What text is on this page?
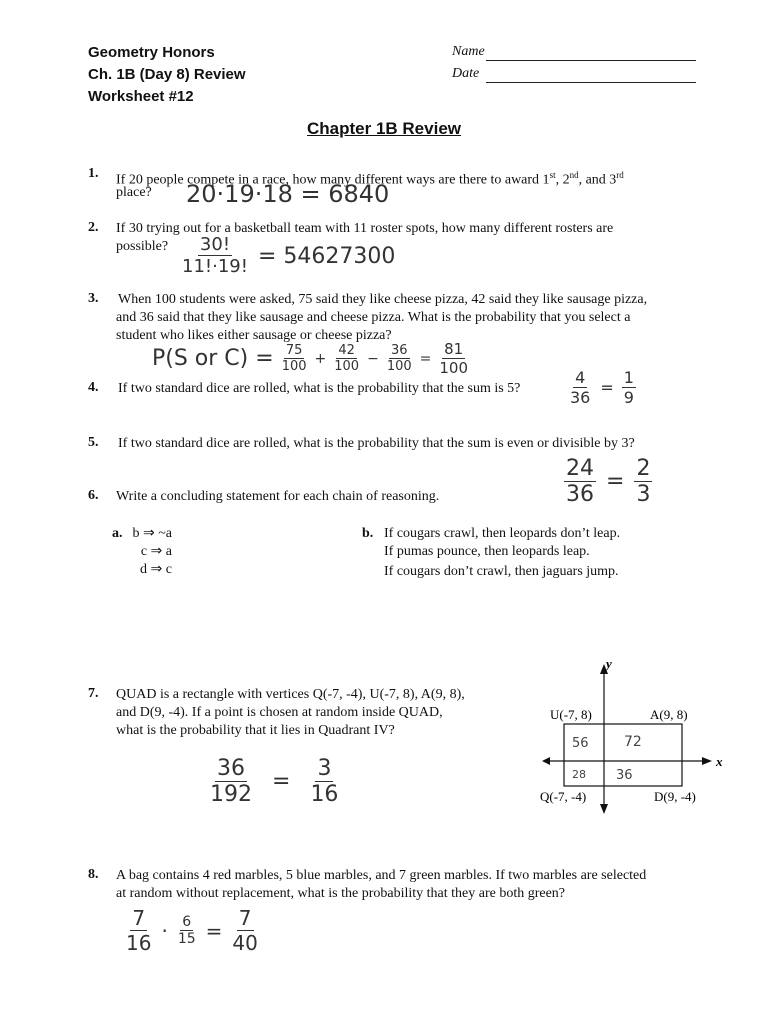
Geometry Honors
Ch. 1B (Day 8) Review
Worksheet #12
Name
Date
Chapter 1B Review
1. If 20 people compete in a race, how many different ways are there to award 1st, 2nd, and 3rd
place? 20·19·18 = 6840
2. If 30 trying out for a basketball team with 11 roster spots, how many different rosters are
possible? $\frac{30!}{11!\cdot 19!} = 54627300$
3. When 100 students were asked, 75 said they like cheese pizza, 42 said they like sausage pizza,
and 36 said that they like sausage and cheese pizza. What is the probability that you select a
student who likes either sausage or cheese pizza?
P(S or $C) = \frac{75}{100} + \frac{42}{100} - \frac{36}{100} = \frac{81}{100}$
4. If two standard dice are rolled, what is the probability that the sum is 5?	$\frac{4}{36} = \frac{1}{9}$
5. If two standard dice are rolled, what is the probability that the sum is even or divisible by 3?
$\frac{24}{36} = \frac{2}{3}$
6. Write a concluding statement for each chain of reasoning.
a. b ⇒ ~a
c ⇒ a
d ⇒ c
b. If cougars crawl, then leopards don’t leap.
If pumas pounce, then leopards leap.
If cougars don’t crawl, then jaguars jump.
7. QUAD is a rectangle with vertices Q(-7, -4), U(-7, 8), A(9, 8),
and D(9, -4). If a point is chosen at random inside QUAD,
what is the probability that it lies in Quadrant IV?
$\frac{36}{192} = \frac{3}{16}$
y
x
U(-7, 8)	A(9, 8)
Q(-7, -4)	D(9, -4)
56	72
28 36
8. A bag contains 4 red marbles, 5 blue marbles, and 7 green marbles. If two marbles are selected
at random without replacement, what is the probability that they are both green?
$\frac{7}{16} \cdot \frac{6}{15} = \frac{7}{40}$
